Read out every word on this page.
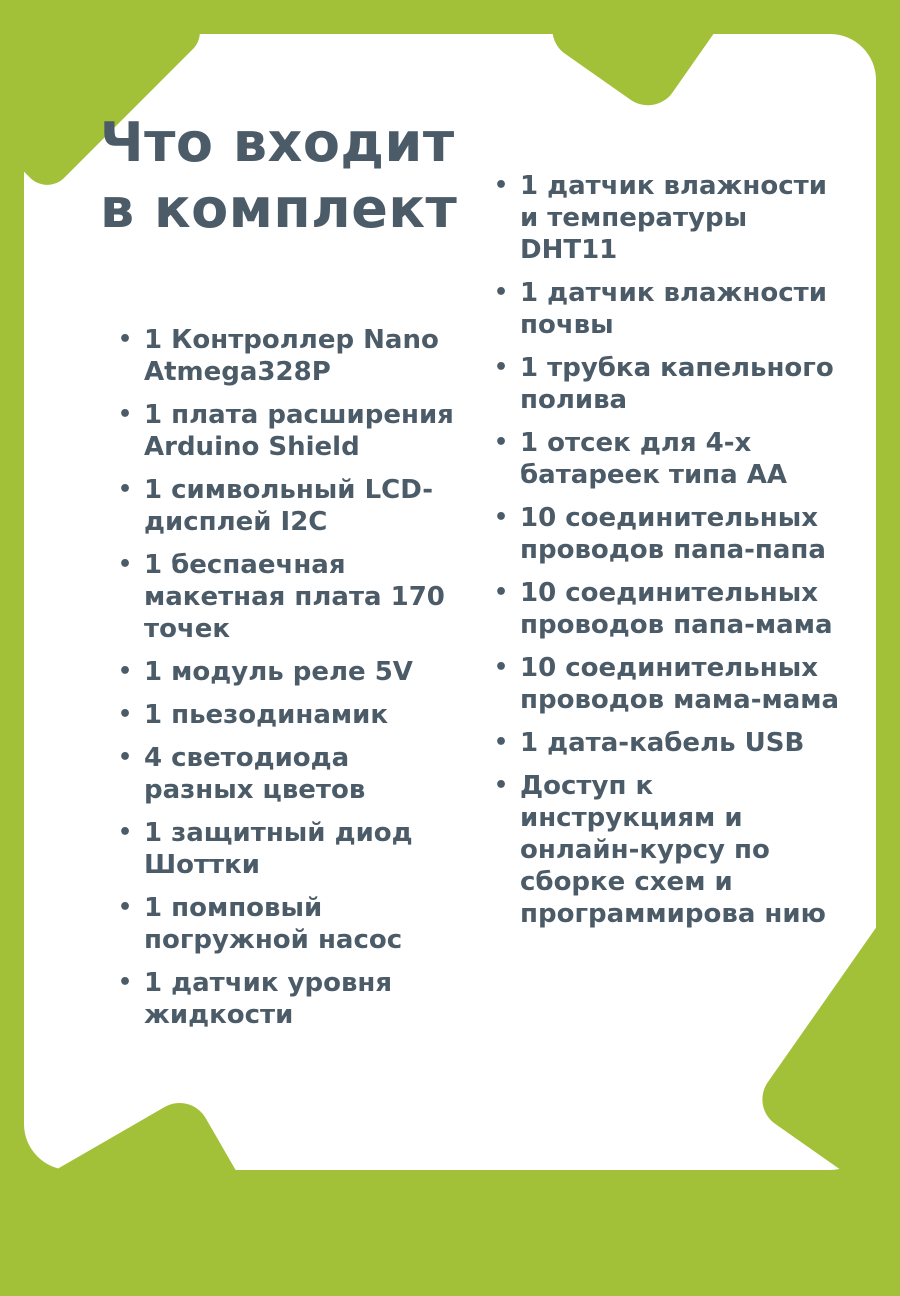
Что входит в комплект
• 1 Контроллер Nano Atmega328P
• 1 плата расширения Arduino Shield
• 1 символьный LCD-дисплей I2C
• 1 беспаечная макетная плата 170 точек
• 1 модуль реле 5V
• 1 пьезодинамик
• 4 светодиода разных цветов
• 1 защитный диод Шоттки
• 1 помповый погружной насос
• 1 датчик уровня жидкости
• 1 датчик влажности и температуры DHT11
• 1 датчик влажности почвы
• 1 трубка капельного полива
• 1 отсек для 4-х батареек типа АА
• 10 соединительных проводов папа-папа
• 10 соединительных проводов папа-мама
• 10 соединительных проводов мама-мама
• 1 дата-кабель USB
• Доступ к инструкциям и онлайн-курсу по сборке схем и программирова нию
